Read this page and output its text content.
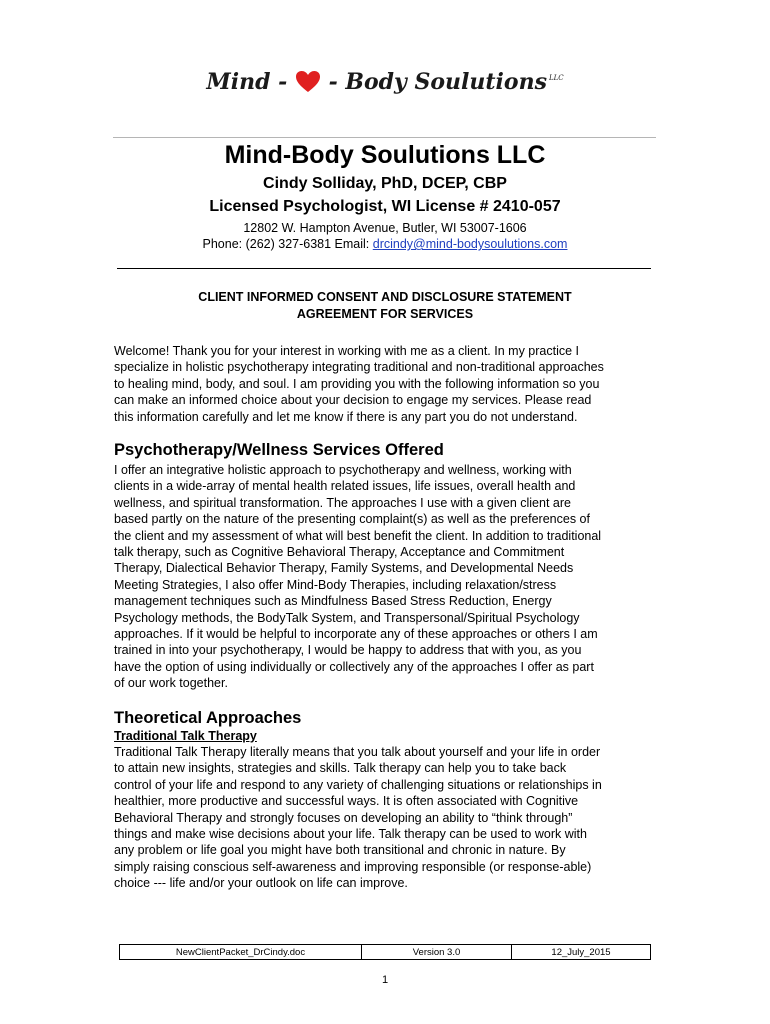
Mind - - Body Soulutions $^{LLC}$
Mind-Body Soulutions LLC
Cindy Solliday, PhD, DCEP, CBP
Licensed Psychologist, WI License # 2410-057
12802 W. Hampton Avenue, Butler, WI 53007-1606
Phone: (262) 327-6381 Email: drcindy@mind-bodysoulutions.com
CLIENT INFORMED CONSENT AND DISCLOSURE STATEMENT
AGREEMENT FOR SERVICES
Welcome! Thank you for your interest in working with me as a client. In my practice I
specialize in holistic psychotherapy integrating traditional and non-traditional approaches
to healing mind, body, and soul. I am providing you with the following information so you
can make an informed choice about your decision to engage my services. Please read
this information carefully and let me know if there is any part you do not understand.
Psychotherapy/Wellness Services Offered
I offer an integrative holistic approach to psychotherapy and wellness, working with
clients in a wide-array of mental health related issues, life issues, overall health and
wellness, and spiritual transformation. The approaches I use with a given client are
based partly on the nature of the presenting complaint(s) as well as the preferences of
the client and my assessment of what will best benefit the client. In addition to traditional
talk therapy, such as Cognitive Behavioral Therapy, Acceptance and Commitment
Therapy, Dialectical Behavior Therapy, Family Systems, and Developmental Needs
Meeting Strategies, I also offer Mind-Body Therapies, including relaxation/stress
management techniques such as Mindfulness Based Stress Reduction, Energy
Psychology methods, the BodyTalk System, and Transpersonal/Spiritual Psychology
approaches. If it would be helpful to incorporate any of these approaches or others I am
trained in into your psychotherapy, I would be happy to address that with you, as you
have the option of using individually or collectively any of the approaches I offer as part
of our work together.
Theoretical Approaches
Traditional Talk Therapy
Traditional Talk Therapy literally means that you talk about yourself and your life in order
to attain new insights, strategies and skills. Talk therapy can help you to take back
control of your life and respond to any variety of challenging situations or relationships in
healthier, more productive and successful ways. It is often associated with Cognitive
Behavioral Therapy and strongly focuses on developing an ability to “think through”
things and make wise decisions about your life. Talk therapy can be used to work with
any problem or life goal you might have both transitional and chronic in nature. By
simply raising conscious self-awareness and improving responsible (or response-able)
choice --- life and/or your outlook on life can improve.
NewClientPacket_DrCindy.doc	Version 3.0	12_July_2015
1
